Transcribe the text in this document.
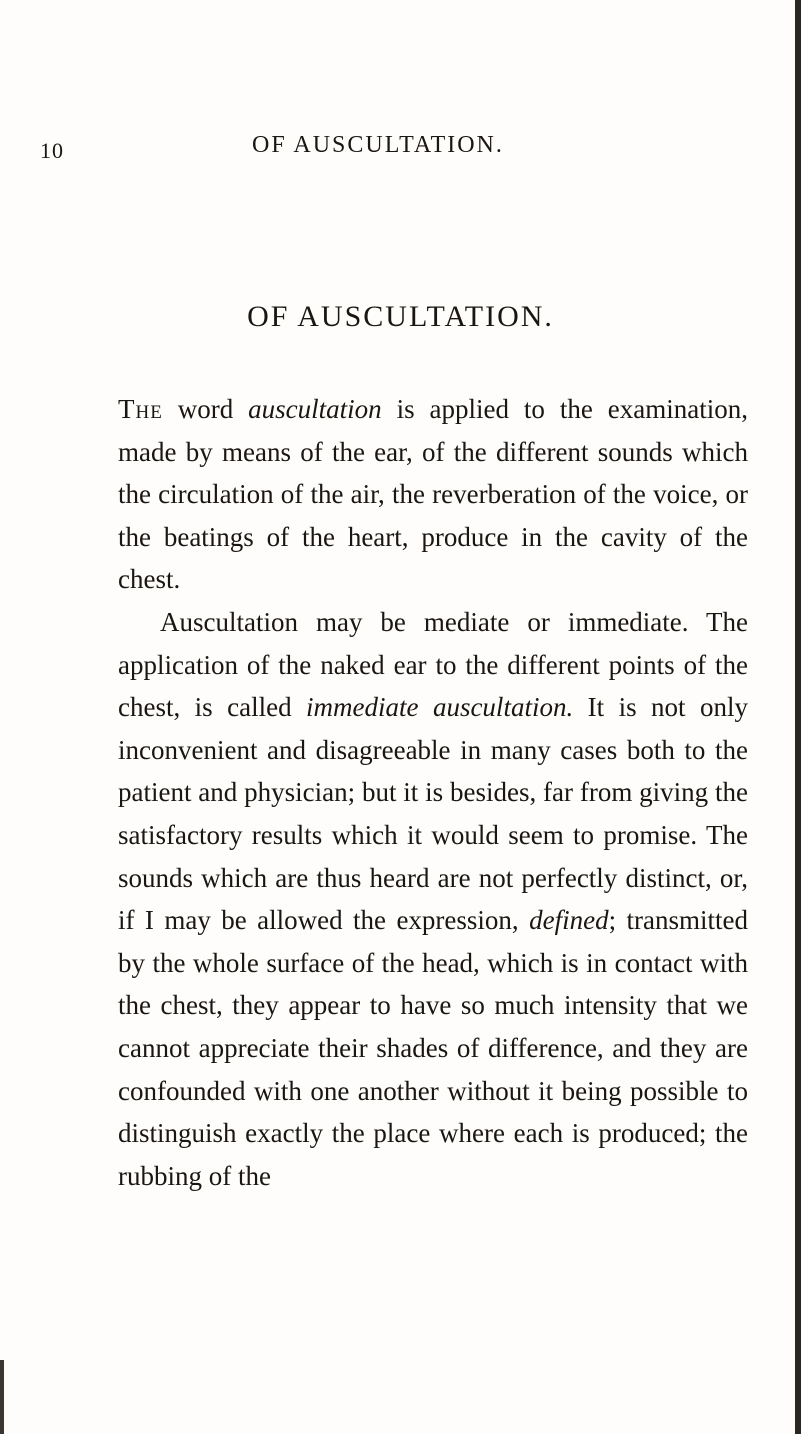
10	OF AUSCULTATION.
OF AUSCULTATION.

The word auscultation is applied to the examination, made by means of the ear, of the different sounds which the circulation of the air, the reverberation of the voice, or the beatings of the heart, produce in the cavity of the chest.

Auscultation may be mediate or immediate. The application of the naked ear to the different points of the chest, is called immediate auscultation. It is not only inconvenient and disagreeable in many cases both to the patient and physician; but it is besides, far from giving the satisfactory results which it would seem to promise. The sounds which are thus heard are not perfectly distinct, or, if I may be allowed the expression, defined; transmitted by the whole surface of the head, which is in contact with the chest, they appear to have so much intensity that we cannot appreciate their shades of difference, and they are confounded with one another without it being possible to distinguish exactly the place where each is produced; the rubbing of the
